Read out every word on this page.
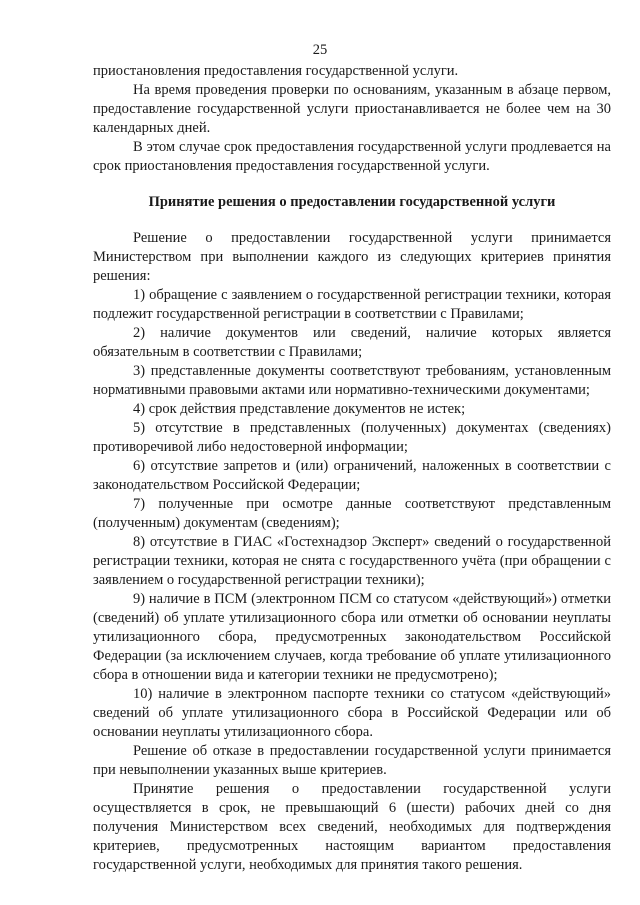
25

приостановления предоставления государственной услуги.

На время проведения проверки по основаниям, указанным в абзаце первом, предоставление государственной услуги приостанавливается не более чем на 30 календарных дней.

В этом случае срок предоставления государственной услуги продлевается на срок приостановления предоставления государственной услуги.

Принятие решения о предоставлении государственной услуги

Решение о предоставлении государственной услуги принимается Министерством при выполнении каждого из следующих критериев принятия решения:

1) обращение с заявлением о государственной регистрации техники, которая подлежит государственной регистрации в соответствии с Правилами;

2) наличие документов или сведений, наличие которых является обязательным в соответствии с Правилами;

3) представленные документы соответствуют требованиям, установленным нормативными правовыми актами или нормативно-техническими документами;

4) срок действия представление документов не истек;

5) отсутствие в представленных (полученных) документах (сведениях) противоречивой либо недостоверной информации;

6) отсутствие запретов и (или) ограничений, наложенных в соответствии с законодательством Российской Федерации;

7) полученные при осмотре данные соответствуют представленным (полученным) документам (сведениям);

8) отсутствие в ГИАС «Гостехнадзор Эксперт» сведений о государственной регистрации техники, которая не снята с государственного учёта (при обращении с заявлением о государственной регистрации техники);

9) наличие в ПСМ (электронном ПСМ со статусом «действующий») отметки (сведений) об уплате утилизационного сбора или отметки об основании неуплаты утилизационного сбора, предусмотренных законодательством Российской Федерации (за исключением случаев, когда требование об уплате утилизационного сбора в отношении вида и категории техники не предусмотрено);

10) наличие в электронном паспорте техники со статусом «действующий» сведений об уплате утилизационного сбора в Российской Федерации или об основании неуплаты утилизационного сбора.

Решение об отказе в предоставлении государственной услуги принимается при невыполнении указанных выше критериев.

Принятие решения о предоставлении государственной услуги осуществляется в срок, не превышающий 6 (шести) рабочих дней со дня получения Министерством всех сведений, необходимых для подтверждения критериев, предусмотренных настоящим вариантом предоставления государственной услуги, необходимых для принятия такого решения.
